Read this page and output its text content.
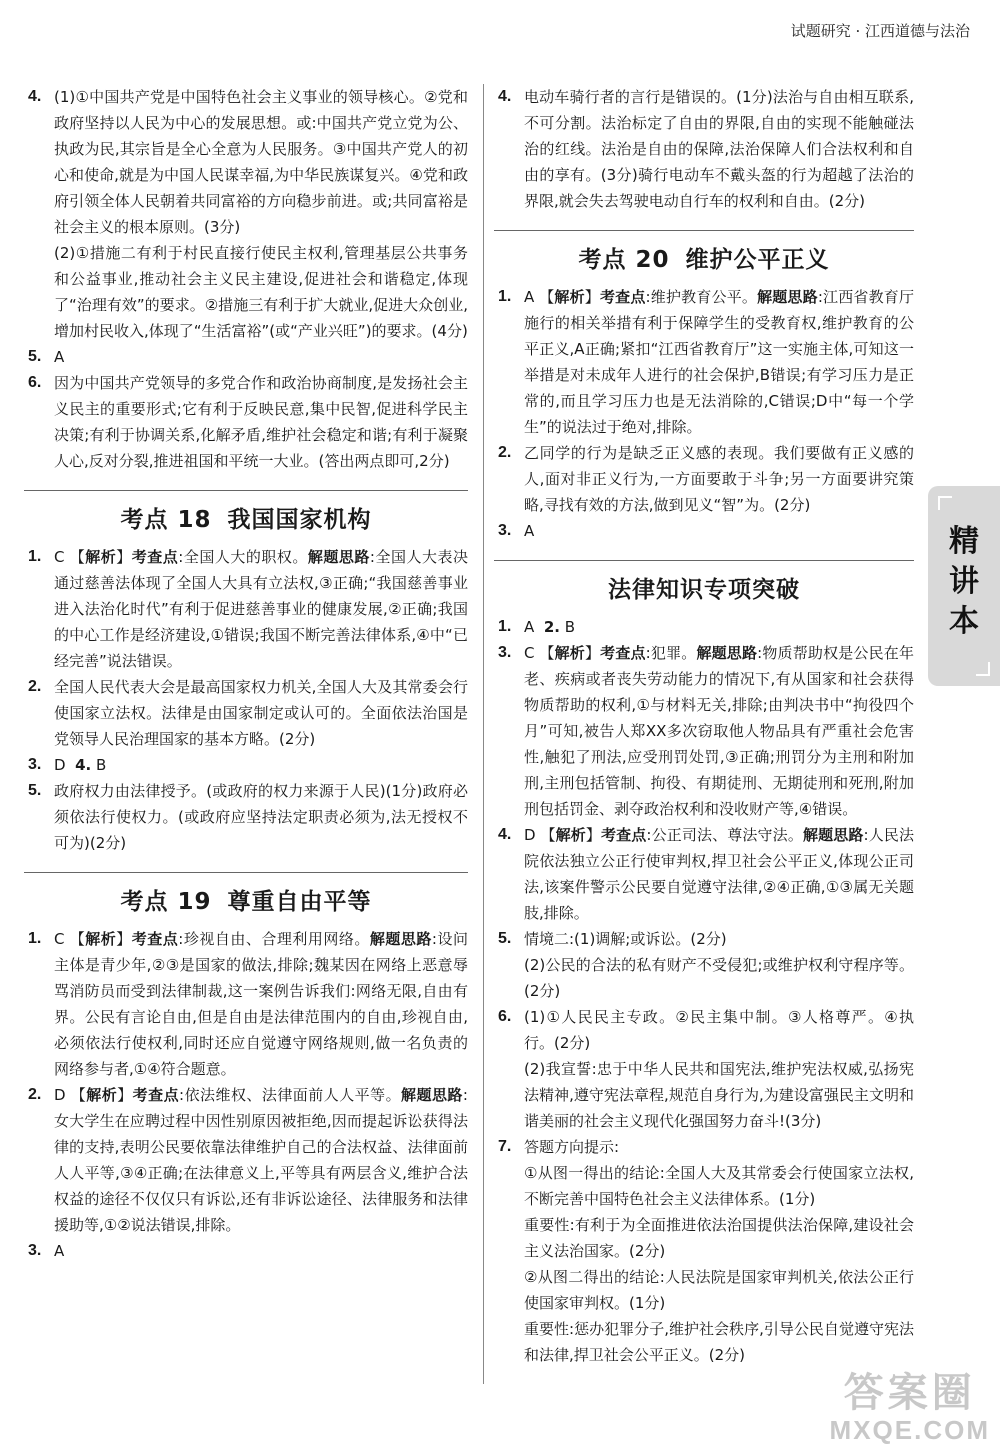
试题研究 · 江西道德与法治
4. (1)①中国共产党是中国特色社会主义事业的领导核心。②党和政府坚持以人民为中心的发展思想。或:中国共产党立党为公、执政为民,其宗旨是全心全意为人民服务。③中国共产党人的初心和使命,就是为中国人民谋幸福,为中华民族谋复兴。④党和政府引领全体人民朝着共同富裕的方向稳步前进。或;共同富裕是社会主义的根本原则。(3分)
(2)①措施二有利于村民直接行使民主权利,管理基层公共事务和公益事业,推动社会主义民主建设,促进社会和谐稳定,体现了“治理有效”的要求。②措施三有利于扩大就业,促进大众创业,增加村民收入,体现了“生活富裕”(或“产业兴旺”)的要求。(4分)
5. A
6. 因为中国共产党领导的多党合作和政治协商制度,是发扬社会主义民主的重要形式;它有利于反映民意,集中民智,促进科学民主决策;有利于协调关系,化解矛盾,维护社会稳定和谐;有利于凝聚人心,反对分裂,推进祖国和平统一大业。(答出两点即可,2分)
考点 18 我国国家机构
1. C 【解析】考查点:全国人大的职权。解题思路:全国人大表决通过慈善法体现了全国人大具有立法权,③正确;“我国慈善事业进入法治化时代”有利于促进慈善事业的健康发展,②正确;我国的中心工作是经济建设,①错误;我国不断完善法律体系,④中“已经完善”说法错误。
2. 全国人民代表大会是最高国家权力机关,全国人大及其常委会行使国家立法权。法律是由国家制定或认可的。全面依法治国是党领导人民治理国家的基本方略。(2分)
3. D 4. B
5. 政府权力由法律授予。(或政府的权力来源于人民)(1分)政府必须依法行使权力。(或政府应坚持法定职责必须为,法无授权不可为)(2分)
考点 19 尊重自由平等
1. C 【解析】考查点:珍视自由、合理利用网络。解题思路:设问主体是青少年,②③是国家的做法,排除;魏某因在网络上恶意辱骂消防员而受到法律制裁,这一案例告诉我们:网络无限,自由有界。公民有言论自由,但是自由是法律范围内的自由,珍视自由,必须依法行使权利,同时还应自觉遵守网络规则,做一名负责的网络参与者,①④符合题意。
2. D 【解析】考查点:依法维权、法律面前人人平等。解题思路:女大学生在应聘过程中因性别原因被拒绝,因而提起诉讼获得法律的支持,表明公民要依靠法律维护自己的合法权益、法律面前人人平等,③④正确;在法律意义上,平等具有两层含义,维护合法权益的途径不仅仅只有诉讼,还有非诉讼途径、法律服务和法律援助等,①②说法错误,排除。
3. A
4. 电动车骑行者的言行是错误的。(1分)法治与自由相互联系,不可分割。法治标定了自由的界限,自由的实现不能触碰法治的红线。法治是自由的保障,法治保障人们合法权利和自由的享有。(3分)骑行电动车不戴头盔的行为超越了法治的界限,就会失去驾驶电动自行车的权利和自由。(2分)
考点 20 维护公平正义
1. A 【解析】考查点:维护教育公平。解题思路:江西省教育厅施行的相关举措有利于保障学生的受教育权,维护教育的公平正义,A正确;紧扣“江西省教育厅”这一实施主体,可知这一举措是对未成年人进行的社会保护,B错误;有学习压力是正常的,而且学习压力也是无法消除的,C错误;D中“每一个学生”的说法过于绝对,排除。
2. 乙同学的行为是缺乏正义感的表现。我们要做有正义感的人,面对非正义行为,一方面要敢于斗争;另一方面要讲究策略,寻找有效的方法,做到见义“智”为。(2分)
3. A
法律知识专项突破
1. A 2. B
3. C 【解析】考查点:犯罪。解题思路:物质帮助权是公民在年老、疾病或者丧失劳动能力的情况下,有从国家和社会获得物质帮助的权利,①与材料无关,排除;由判决书中“拘役四个月”可知,被告人郑XX多次窃取他人物品具有严重社会危害性,触犯了刑法,应受刑罚处罚,③正确;刑罚分为主刑和附加刑,主刑包括管制、拘役、有期徒刑、无期徒刑和死刑,附加刑包括罚金、剥夺政治权利和没收财产等,④错误。
4. D 【解析】考查点:公正司法、尊法守法。解题思路:人民法院依法独立公正行使审判权,捍卫社会公平正义,体现公正司法,该案件警示公民要自觉遵守法律,②④正确,①③属无关题肢,排除。
5. 情境二:(1)调解;或诉讼。(2分)
(2)公民的合法的私有财产不受侵犯;或维护权利守程序等。(2分)
6. (1)①人民民主专政。②民主集中制。③人格尊严。④执行。(2分)
(2)我宣誓:忠于中华人民共和国宪法,维护宪法权威,弘扬宪法精神,遵守宪法章程,规范自身行为,为建设富强民主文明和谐美丽的社会主义现代化强国努力奋斗!(3分)
7. 答题方向提示:
①从图一得出的结论:全国人大及其常委会行使国家立法权,不断完善中国特色社会主义法律体系。(1分)
重要性:有利于为全面推进依法治国提供法治保障,建设社会主义法治国家。(2分)
②从图二得出的结论:人民法院是国家审判机关,依法公正行使国家审判权。(1分)
重要性:惩办犯罪分子,维护社会秩序,引导公民自觉遵守宪法和法律,捍卫社会公平正义。(2分)
精
讲
本
答案圈
MXQE.COM
